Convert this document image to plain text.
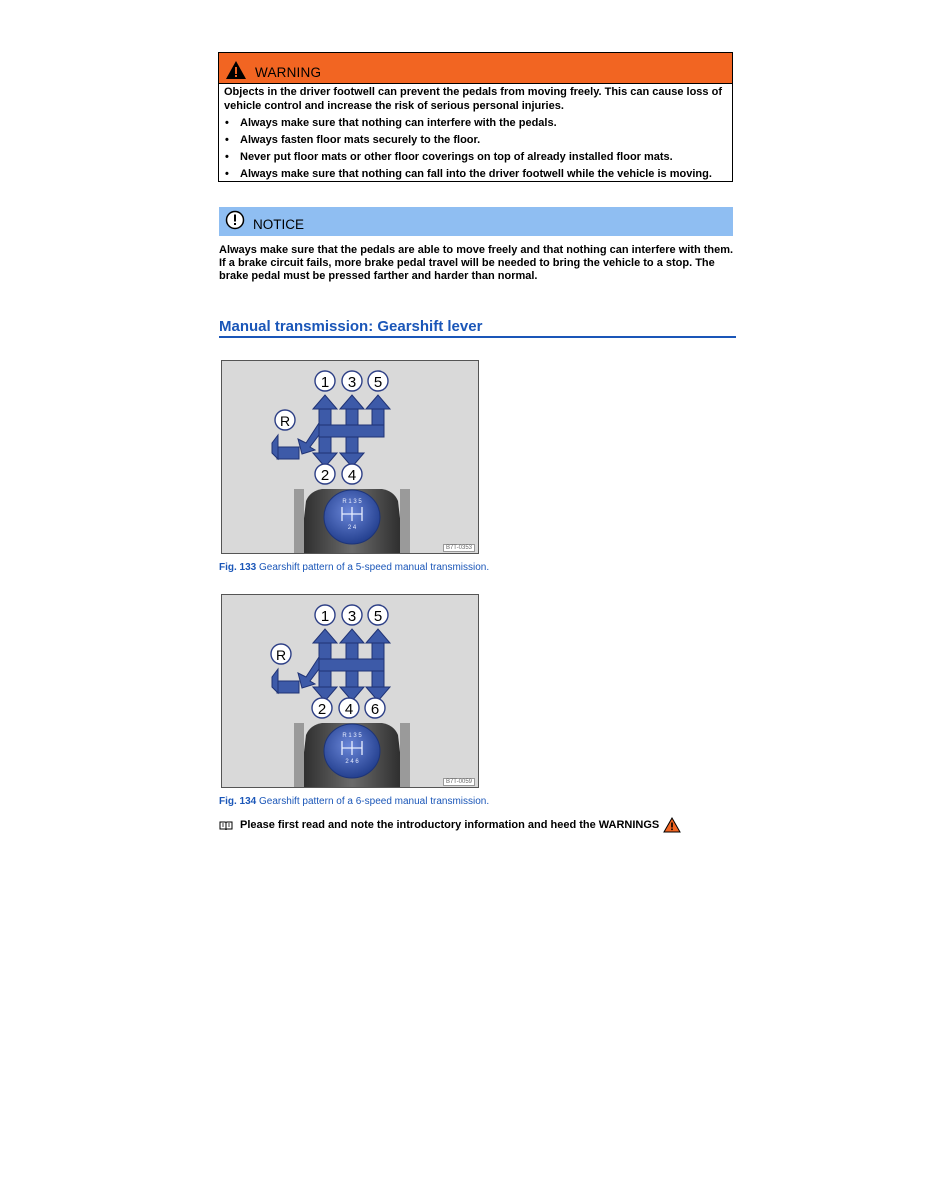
WARNING

Objects in the driver footwell can prevent the pedals from moving freely. This can cause loss of vehicle control and increase the risk of serious personal injuries.

• Always make sure that nothing can interfere with the pedals.
• Always fasten floor mats securely to the floor.
• Never put floor mats or other floor coverings on top of already installed floor mats.
• Always make sure that nothing can fall into the driver footwell while the vehicle is moving.
NOTICE

Always make sure that the pedals are able to move freely and that nothing can interfere with them. If a brake circuit fails, more brake pedal travel will be needed to bring the vehicle to a stop. The brake pedal must be pressed farther and harder than normal.

Manual transmission: Gearshift lever
R 1 3 5
2 4
1 3 5
R
2 4
B7T-0353

Fig. 133 Gearshift pattern of a 5-speed manual transmission.

R 1 3 5
2 4 6
1 3 5
R
2 4 6
B7T-0059

Fig. 134 Gearshift pattern of a 6-speed manual transmission.

Please first read and note the introductory information and heed the WARNINGS
